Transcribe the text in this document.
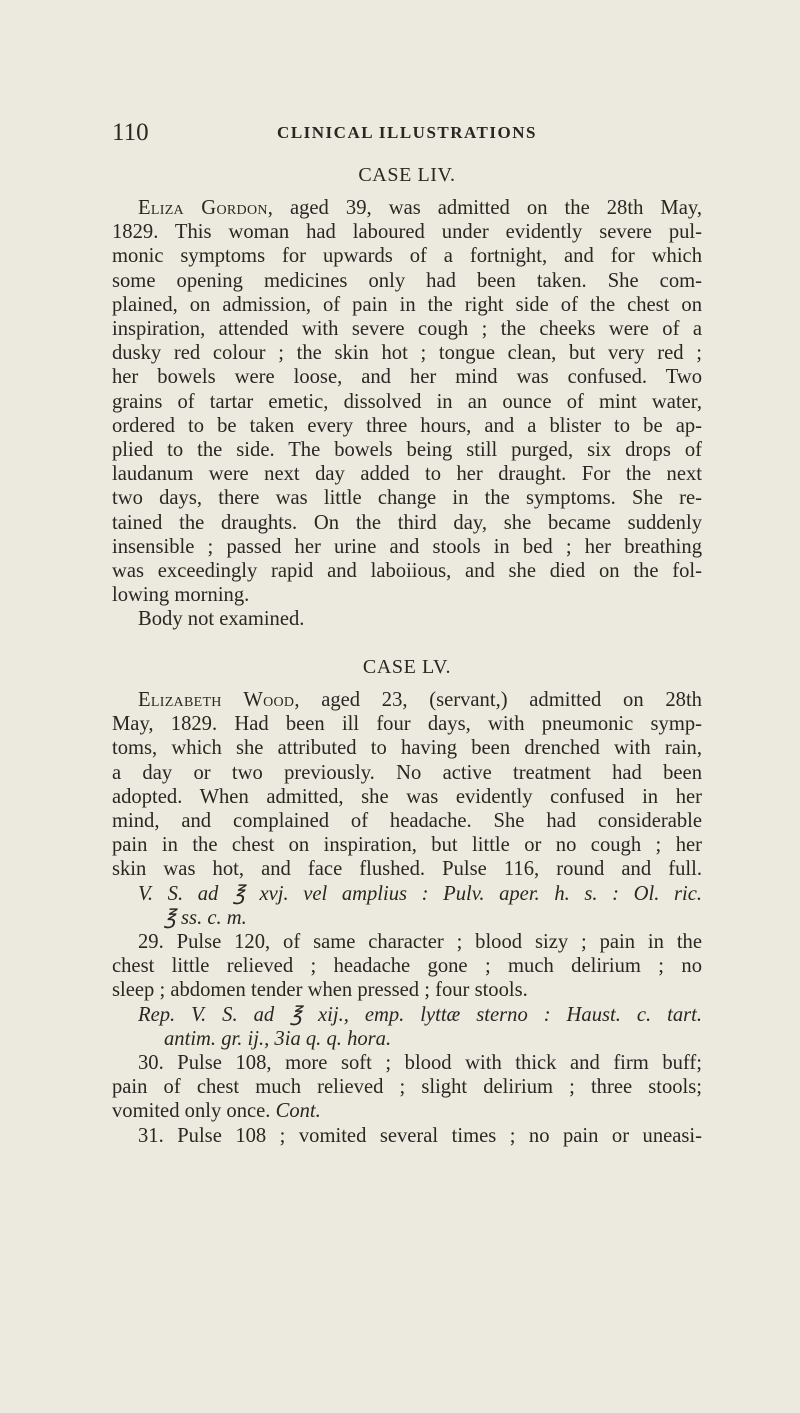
110	CLINICAL ILLUSTRATIONS
CASE LIV.
Eliza Gordon, aged 39, was admitted on the 28th May,
1829. This woman had laboured under evidently severe pul-
monic symptoms for upwards of a fortnight, and for which
some opening medicines only had been taken. She com-
plained, on admission, of pain in the right side of the chest on
inspiration, attended with severe cough ; the cheeks were of a
dusky red colour ; the skin hot ; tongue clean, but very red ;
her bowels were loose, and her mind was confused. Two
grains of tartar emetic, dissolved in an ounce of mint water,
ordered to be taken every three hours, and a blister to be ap-
plied to the side. The bowels being still purged, six drops of
laudanum were next day added to her draught. For the next
two days, there was little change in the symptoms. She re-
tained the draughts. On the third day, she became suddenly
insensible ; passed her urine and stools in bed ; her breathing
was exceedingly rapid and laboiious, and she died on the fol-
lowing morning.
Body not examined.
CASE LV.
Elizabeth Wood, aged 23, (servant,) admitted on 28th
May, 1829. Had been ill four days, with pneumonic symp-
toms, which she attributed to having been drenched with rain,
a day or two previously. No active treatment had been
adopted. When admitted, she was evidently confused in her
mind, and complained of headache. She had considerable
pain in the chest on inspiration, but little or no cough ; her
skin was hot, and face flushed. Pulse 116, round and full.
V. S. ad ℥ xvj. vel amplius : Pulv. aper. h. s. : Ol. ric.
℥ ss. c. m.
29. Pulse 120, of same character ; blood sizy ; pain in the
chest little relieved ; headache gone ; much delirium ; no
sleep ; abdomen tender when pressed ; four stools.
Rep. V. S. ad ℥ xij., emp. lyttæ sterno : Haust. c. tart.
antim. gr. ij., 3ia q. q. hora.
30. Pulse 108, more soft ; blood with thick and firm buff;
pain of chest much relieved ; slight delirium ; three stools;
vomited only once. Cont.
31. Pulse 108 ; vomited several times ; no pain or uneasi-
